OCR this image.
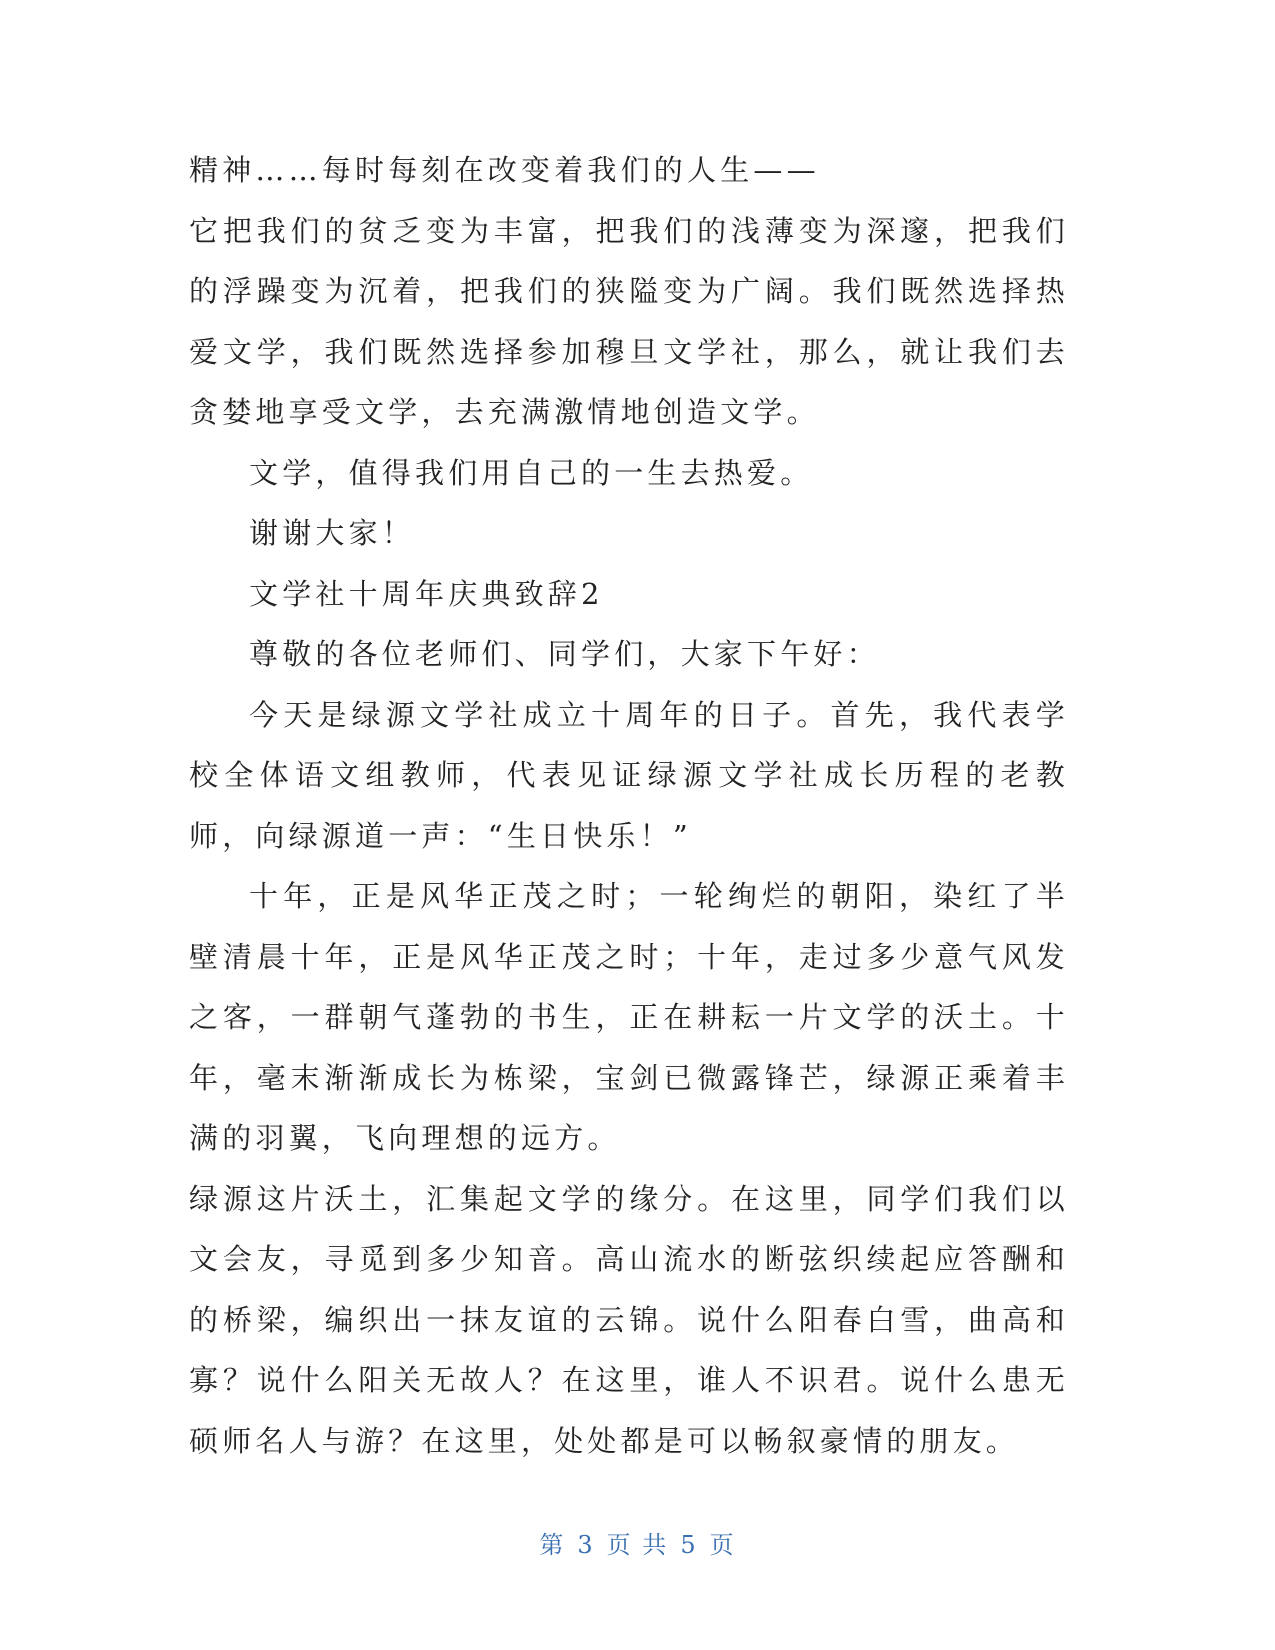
精神……每时每刻在改变着我们的人生——

它把我们的贫乏变为丰富，把我们的浅薄变为深邃，把我们的浮躁变为沉着，把我们的狭隘变为广阔。我们既然选择热爱文学，我们既然选择参加穆旦文学社，那么，就让我们去贪婪地享受文学，去充满激情地创造文学。

文学，值得我们用自己的一生去热爱。

谢谢大家！

文学社十周年庆典致辞2

尊敬的各位老师们、同学们，大家下午好：

今天是绿源文学社成立十周年的日子。首先，我代表学校全体语文组教师，代表见证绿源文学社成长历程的老教师，向绿源道一声：“生日快乐！”

十年，正是风华正茂之时；一轮绚烂的朝阳，染红了半壁清晨十年，正是风华正茂之时；十年，走过多少意气风发之客，一群朝气蓬勃的书生，正在耕耘一片文学的沃土。十年，毫末渐渐成长为栋梁，宝剑已微露锋芒，绿源正乘着丰满的羽翼，飞向理想的远方。

绿源这片沃土，汇集起文学的缘分。在这里，同学们我们以文会友，寻觅到多少知音。高山流水的断弦织续起应答酬和的桥梁，编织出一抹友谊的云锦。说什么阳春白雪，曲高和寡？说什么阳关无故人？在这里，谁人不识君。说什么患无硕师名人与游？在这里，处处都是可以畅叙豪情的朋友。

第 3 页 共 5 页
